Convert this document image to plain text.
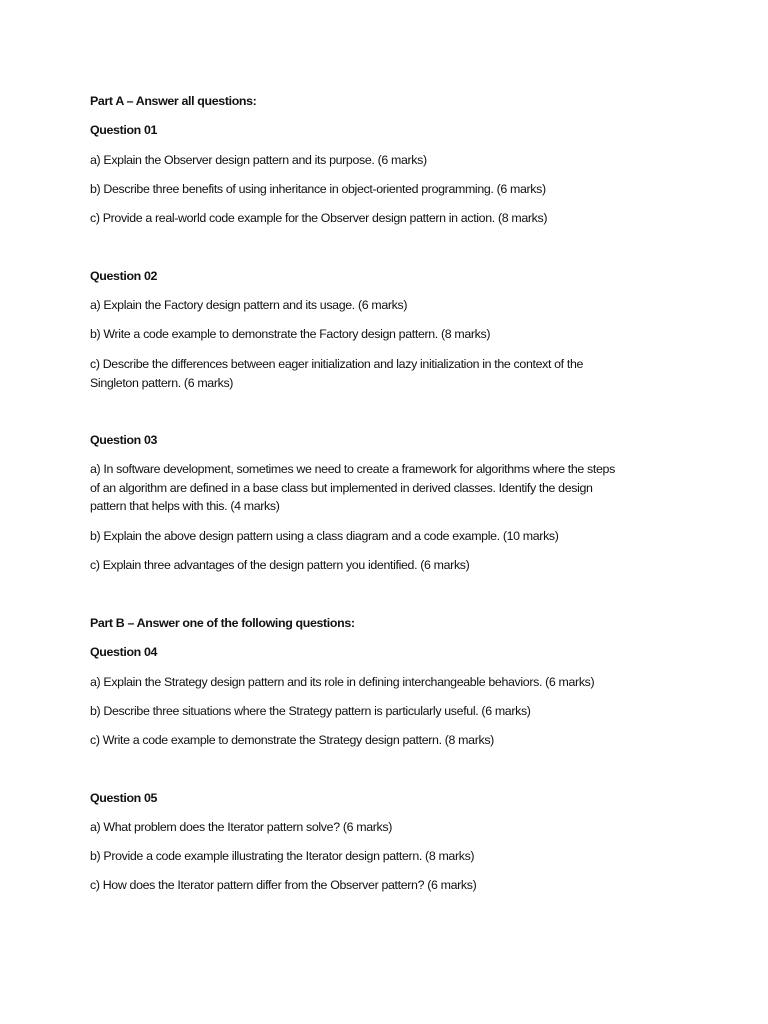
Part A – Answer all questions:
Question 01
a) Explain the Observer design pattern and its purpose. (6 marks)
b) Describe three benefits of using inheritance in object-oriented programming. (6 marks)
c) Provide a real-world code example for the Observer design pattern in action. (8 marks)
Question 02
a) Explain the Factory design pattern and its usage. (6 marks)
b) Write a code example to demonstrate the Factory design pattern. (8 marks)
c) Describe the differences between eager initialization and lazy initialization in the context of the
Singleton pattern. (6 marks)
Question 03
a) In software development, sometimes we need to create a framework for algorithms where the steps
of an algorithm are defined in a base class but implemented in derived classes. Identify the design
pattern that helps with this. (4 marks)
b) Explain the above design pattern using a class diagram and a code example. (10 marks)
c) Explain three advantages of the design pattern you identified. (6 marks)
Part B – Answer one of the following questions:
Question 04
a) Explain the Strategy design pattern and its role in defining interchangeable behaviors. (6 marks)
b) Describe three situations where the Strategy pattern is particularly useful. (6 marks)
c) Write a code example to demonstrate the Strategy design pattern. (8 marks)
Question 05
a) What problem does the Iterator pattern solve? (6 marks)
b) Provide a code example illustrating the Iterator design pattern. (8 marks)
c) How does the Iterator pattern differ from the Observer pattern? (6 marks)
